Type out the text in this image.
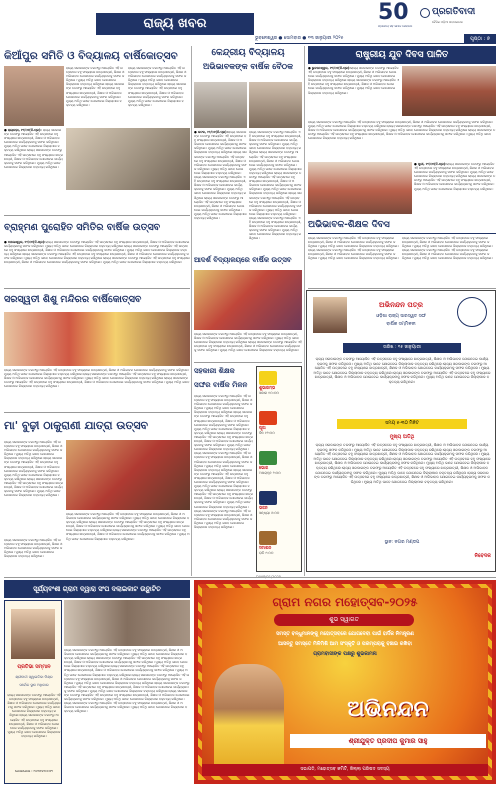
ରାଜ୍ୟ ଖବର
ଭୁବନେଶ୍ୱର ● ସୋମବାର ● ୧୩ ଜାନୁୟାରୀ ୨୦୨୫	ପୃଷ୍ଠା : ୭
50
ପ୍ରମେୟ ସହ ସମାଜ ସେବାରେ
ପ୍ରଗତିବାଦୀ
ଦୈନିକ ଓଡ଼ିଆ ଖବରକାଗଜ
କିଆଁପୁର ସମିତି ଓ ବିଦ୍ୟାଳୟ ବାର୍ଷିକୋତ୍ସବ
● ରାୟଗଡ଼ା, ୧୨/୦୧(ନି.ପ୍ର): ରାଜ୍ୟ ସରକାରଙ୍କ ତରଫରୁ ଆୟୋଜିତ ଏହି ଉତ୍ସବରେ ବହୁ ସଂଖ୍ୟାରେ ଛାତ୍ରଛାତ୍ରୀ, ଶିକ୍ଷକ ଓ ଅଭିଭାବକ ଯୋଗଦେଇ କାର୍ଯ୍ୟକ୍ରମକୁ ସଫଳ କରିଥିଲେ। ମୁଖ୍ୟ ଅତିଥି ଭାବେ ଯୋଗଦେଇ ଜିଲ୍ଲାପାଳ ବକ୍ତବ୍ୟ ରଖିଥିଲେ।ରାଜ୍ୟ ସରକାରଙ୍କ ତରଫରୁ ଆୟୋଜିତ ଏହି ଉତ୍ସବରେ ବହୁ ସଂଖ୍ୟାରେ ଛାତ୍ରଛାତ୍ରୀ, ଶିକ୍ଷକ ଓ ଅଭିଭାବକ ଯୋଗଦେଇ କାର୍ଯ୍ୟକ୍ରମକୁ ସଫଳ କରିଥିଲେ। ମୁଖ୍ୟ ଅତିଥି ଭାବେ ଯୋଗଦେଇ ଜିଲ୍ଲାପାଳ ବକ୍ତବ୍ୟ ରଖିଥିଲେ।
ରାଜ୍ୟ ସରକାରଙ୍କ ତରଫରୁ ଆୟୋଜିତ ଏହି ଉତ୍ସବରେ ବହୁ ସଂଖ୍ୟାରେ ଛାତ୍ରଛାତ୍ରୀ, ଶିକ୍ଷକ ଓ ଅଭିଭାବକ ଯୋଗଦେଇ କାର୍ଯ୍ୟକ୍ରମକୁ ସଫଳ କରିଥିଲେ। ମୁଖ୍ୟ ଅତିଥି ଭାବେ ଯୋଗଦେଇ ଜିଲ୍ଲାପାଳ ବକ୍ତବ୍ୟ ରଖିଥିଲେ।ରାଜ୍ୟ ସରକାରଙ୍କ ତରଫରୁ ଆୟୋଜିତ ଏହି ଉତ୍ସବରେ ବହୁ ସଂଖ୍ୟାରେ ଛାତ୍ରଛାତ୍ରୀ, ଶିକ୍ଷକ ଓ ଅଭିଭାବକ ଯୋଗଦେଇ କାର୍ଯ୍ୟକ୍ରମକୁ ସଫଳ କରିଥିଲେ। ମୁଖ୍ୟ ଅତିଥି ଭାବେ ଯୋଗଦେଇ ଜିଲ୍ଲାପାଳ ବକ୍ତବ୍ୟ ରଖିଥିଲେ।
ରାଜ୍ୟ ସରକାରଙ୍କ ତରଫରୁ ଆୟୋଜିତ ଏହି ଉତ୍ସବରେ ବହୁ ସଂଖ୍ୟାରେ ଛାତ୍ରଛାତ୍ରୀ, ଶିକ୍ଷକ ଓ ଅଭିଭାବକ ଯୋଗଦେଇ କାର୍ଯ୍ୟକ୍ରମକୁ ସଫଳ କରିଥିଲେ। ମୁଖ୍ୟ ଅତିଥି ଭାବେ ଯୋଗଦେଇ ଜିଲ୍ଲାପାଳ ବକ୍ତବ୍ୟ ରଖିଥିଲେ।ରାଜ୍ୟ ସରକାରଙ୍କ ତରଫରୁ ଆୟୋଜିତ ଏହି ଉତ୍ସବରେ ବହୁ ସଂଖ୍ୟାରେ ଛାତ୍ରଛାତ୍ରୀ, ଶିକ୍ଷକ ଓ ଅଭିଭାବକ ଯୋଗଦେଇ କାର୍ଯ୍ୟକ୍ରମକୁ ସଫଳ କରିଥିଲେ। ମୁଖ୍ୟ ଅତିଥି ଭାବେ ଯୋଗଦେଇ ଜିଲ୍ଲାପାଳ ବକ୍ତବ୍ୟ ରଖିଥିଲେ।
କେନ୍ଦ୍ରୀୟ ବିଦ୍ୟାଳୟ
ଅଭିଭାବକଙ୍କ ବାର୍ଷିକ ବୈଠକ
● କଟକ, ୧୨/୦୧(ନି.ପ୍ର):ରାଜ୍ୟ ସରକାରଙ୍କ ତରଫରୁ ଆୟୋଜିତ ଏହି ଉତ୍ସବରେ ବହୁ ସଂଖ୍ୟାରେ ଛାତ୍ରଛାତ୍ରୀ, ଶିକ୍ଷକ ଓ ଅଭିଭାବକ ଯୋଗଦେଇ କାର୍ଯ୍ୟକ୍ରମକୁ ସଫଳ କରିଥିଲେ। ମୁଖ୍ୟ ଅତିଥି ଭାବେ ଯୋଗଦେଇ ଜିଲ୍ଲାପାଳ ବକ୍ତବ୍ୟ ରଖିଥିଲେ।ରାଜ୍ୟ ସରକାରଙ୍କ ତରଫରୁ ଆୟୋଜିତ ଏହି ଉତ୍ସବରେ ବହୁ ସଂଖ୍ୟାରେ ଛାତ୍ରଛାତ୍ରୀ, ଶିକ୍ଷକ ଓ ଅଭିଭାବକ ଯୋଗଦେଇ କାର୍ଯ୍ୟକ୍ରମକୁ ସଫଳ କରିଥିଲେ। ମୁଖ୍ୟ ଅତିଥି ଭାବେ ଯୋଗଦେଇ ଜିଲ୍ଲାପାଳ ବକ୍ତବ୍ୟ ରଖିଥିଲେ।ରାଜ୍ୟ ସରକାରଙ୍କ ତରଫରୁ ଆୟୋଜିତ ଏହି ଉତ୍ସବରେ ବହୁ ସଂଖ୍ୟାରେ ଛାତ୍ରଛାତ୍ରୀ, ଶିକ୍ଷକ ଓ ଅଭିଭାବକ ଯୋଗଦେଇ କାର୍ଯ୍ୟକ୍ରମକୁ ସଫଳ କରିଥିଲେ। ମୁଖ୍ୟ ଅତିଥି ଭାବେ ଯୋଗଦେଇ ଜିଲ୍ଲାପାଳ ବକ୍ତବ୍ୟ ରଖିଥିଲେ।ରାଜ୍ୟ ସରକାରଙ୍କ ତରଫରୁ ଆୟୋଜିତ ଏହି ଉତ୍ସବରେ ବହୁ ସଂଖ୍ୟାରେ ଛାତ୍ରଛାତ୍ରୀ, ଶିକ୍ଷକ ଓ ଅଭିଭାବକ ଯୋଗଦେଇ କାର୍ଯ୍ୟକ୍ରମକୁ ସଫଳ କରିଥିଲେ। ମୁଖ୍ୟ ଅତିଥି ଭାବେ ଯୋଗଦେଇ ଜିଲ୍ଲାପାଳ ବକ୍ତବ୍ୟ ରଖିଥିଲେ।
ରାଜ୍ୟ ସରକାରଙ୍କ ତରଫରୁ ଆୟୋଜିତ ଏହି ଉତ୍ସବରେ ବହୁ ସଂଖ୍ୟାରେ ଛାତ୍ରଛାତ୍ରୀ, ଶିକ୍ଷକ ଓ ଅଭିଭାବକ ଯୋଗଦେଇ କାର୍ଯ୍ୟକ୍ରମକୁ ସଫଳ କରିଥିଲେ। ମୁଖ୍ୟ ଅତିଥି ଭାବେ ଯୋଗଦେଇ ଜିଲ୍ଲାପାଳ ବକ୍ତବ୍ୟ ରଖିଥିଲେ।ରାଜ୍ୟ ସରକାରଙ୍କ ତରଫରୁ ଆୟୋଜିତ ଏହି ଉତ୍ସବରେ ବହୁ ସଂଖ୍ୟାରେ ଛାତ୍ରଛାତ୍ରୀ, ଶିକ୍ଷକ ଓ ଅଭିଭାବକ ଯୋଗଦେଇ କାର୍ଯ୍ୟକ୍ରମକୁ ସଫଳ କରିଥିଲେ। ମୁଖ୍ୟ ଅତିଥି ଭାବେ ଯୋଗଦେଇ ଜିଲ୍ଲାପାଳ ବକ୍ତବ୍ୟ ରଖିଥିଲେ।ରାଜ୍ୟ ସରକାରଙ୍କ ତରଫରୁ ଆୟୋଜିତ ଏହି ଉତ୍ସବରେ ବହୁ ସଂଖ୍ୟାରେ ଛାତ୍ରଛାତ୍ରୀ, ଶିକ୍ଷକ ଓ ଅଭିଭାବକ ଯୋଗଦେଇ କାର୍ଯ୍ୟକ୍ରମକୁ ସଫଳ କରିଥିଲେ। ମୁଖ୍ୟ ଅତିଥି ଭାବେ ଯୋଗଦେଇ ଜିଲ୍ଲାପାଳ ବକ୍ତବ୍ୟ ରଖିଥିଲେ।ରାଜ୍ୟ ସରକାରଙ୍କ ତରଫରୁ ଆୟୋଜିତ ଏହି ଉତ୍ସବରେ ବହୁ ସଂଖ୍ୟାରେ ଛାତ୍ରଛାତ୍ରୀ, ଶିକ୍ଷକ ଓ ଅଭିଭାବକ ଯୋଗଦେଇ କାର୍ଯ୍ୟକ୍ରମକୁ ସଫଳ କରିଥିଲେ। ମୁଖ୍ୟ ଅତିଥି ଭାବେ ଯୋଗଦେଇ ଜିଲ୍ଲାପାଳ ବକ୍ତବ୍ୟ ରଖିଥିଲେ।ରାଜ୍ୟ ସରକାରଙ୍କ ତରଫରୁ ଆୟୋଜିତ ଏହି ଉତ୍ସବରେ ବହୁ ସଂଖ୍ୟାରେ ଛାତ୍ରଛାତ୍ରୀ, ଶିକ୍ଷକ ଓ ଅଭିଭାବକ ଯୋଗଦେଇ କାର୍ଯ୍ୟକ୍ରମକୁ ସଫଳ କରିଥିଲେ। ମୁଖ୍ୟ ଅତିଥି ଭାବେ ଯୋଗଦେଇ ଜିଲ୍ଲାପାଳ ବକ୍ତବ୍ୟ ରଖିଥିଲେ।
ରାଷ୍ଟ୍ରୀୟ ଯୁବ ଦିବସ ପାଳିତ
● ଭୁବନେଶ୍ୱର, ୧୨/୦୧(ନି.ପ୍ର):ରାଜ୍ୟ ସରକାରଙ୍କ ତରଫରୁ ଆୟୋଜିତ ଏହି ଉତ୍ସବରେ ବହୁ ସଂଖ୍ୟାରେ ଛାତ୍ରଛାତ୍ରୀ, ଶିକ୍ଷକ ଓ ଅଭିଭାବକ ଯୋଗଦେଇ କାର୍ଯ୍ୟକ୍ରମକୁ ସଫଳ କରିଥିଲେ। ମୁଖ୍ୟ ଅତିଥି ଭାବେ ଯୋଗଦେଇ ଜିଲ୍ଲାପାଳ ବକ୍ତବ୍ୟ ରଖିଥିଲେ।ରାଜ୍ୟ ସରକାରଙ୍କ ତରଫରୁ ଆୟୋଜିତ ଏହି ଉତ୍ସବରେ ବହୁ ସଂଖ୍ୟାରେ ଛାତ୍ରଛାତ୍ରୀ, ଶିକ୍ଷକ ଓ ଅଭିଭାବକ ଯୋଗଦେଇ କାର୍ଯ୍ୟକ୍ରମକୁ ସଫଳ କରିଥିଲେ। ମୁଖ୍ୟ ଅତିଥି ଭାବେ ଯୋଗଦେଇ ଜିଲ୍ଲାପାଳ ବକ୍ତବ୍ୟ ରଖିଥିଲେ।
ରାଜ୍ୟ ସରକାରଙ୍କ ତରଫରୁ ଆୟୋଜିତ ଏହି ଉତ୍ସବରେ ବହୁ ସଂଖ୍ୟାରେ ଛାତ୍ରଛାତ୍ରୀ, ଶିକ୍ଷକ ଓ ଅଭିଭାବକ ଯୋଗଦେଇ କାର୍ଯ୍ୟକ୍ରମକୁ ସଫଳ କରିଥିଲେ। ମୁଖ୍ୟ ଅତିଥି ଭାବେ ଯୋଗଦେଇ ଜିଲ୍ଲାପାଳ ବକ୍ତବ୍ୟ ରଖିଥିଲେ।ରାଜ୍ୟ ସରକାରଙ୍କ ତରଫରୁ ଆୟୋଜିତ ଏହି ଉତ୍ସବରେ ବହୁ ସଂଖ୍ୟାରେ ଛାତ୍ରଛାତ୍ରୀ, ଶିକ୍ଷକ ଓ ଅଭିଭାବକ ଯୋଗଦେଇ କାର୍ଯ୍ୟକ୍ରମକୁ ସଫଳ କରିଥିଲେ। ମୁଖ୍ୟ ଅତିଥି ଭାବେ ଯୋଗଦେଇ ଜିଲ୍ଲାପାଳ ବକ୍ତବ୍ୟ ରଖିଥିଲେ।ରାଜ୍ୟ ସରକାରଙ୍କ ତରଫରୁ ଆୟୋଜିତ ଏହି ଉତ୍ସବରେ ବହୁ ସଂଖ୍ୟାରେ ଛାତ୍ରଛାତ୍ରୀ, ଶିକ୍ଷକ ଓ ଅଭିଭାବକ ଯୋଗଦେଇ କାର୍ଯ୍ୟକ୍ରମକୁ ସଫଳ କରିଥିଲେ। ମୁଖ୍ୟ ଅତିଥି ଭାବେ ଯୋଗଦେଇ ଜିଲ୍ଲାପାଳ ବକ୍ତବ୍ୟ ରଖିଥିଲେ।
● ପୁରୀ, ୧୨/୦୧(ନି.ପ୍ର):ରାଜ୍ୟ ସରକାରଙ୍କ ତରଫରୁ ଆୟୋଜିତ ଏହି ଉତ୍ସବରେ ବହୁ ସଂଖ୍ୟାରେ ଛାତ୍ରଛାତ୍ରୀ, ଶିକ୍ଷକ ଓ ଅଭିଭାବକ ଯୋଗଦେଇ କାର୍ଯ୍ୟକ୍ରମକୁ ସଫଳ କରିଥିଲେ। ମୁଖ୍ୟ ଅତିଥି ଭାବେ ଯୋଗଦେଇ ଜିଲ୍ଲାପାଳ ବକ୍ତବ୍ୟ ରଖିଥିଲେ।ରାଜ୍ୟ ସରକାରଙ୍କ ତରଫରୁ ଆୟୋଜିତ ଏହି ଉତ୍ସବରେ ବହୁ ସଂଖ୍ୟାରେ ଛାତ୍ରଛାତ୍ରୀ, ଶିକ୍ଷକ ଓ ଅଭିଭାବକ ଯୋଗଦେଇ କାର୍ଯ୍ୟକ୍ରମକୁ ସଫଳ କରିଥିଲେ। ମୁଖ୍ୟ ଅତିଥି ଭାବେ ଯୋଗଦେଇ ଜିଲ୍ଲାପାଳ ବକ୍ତବ୍ୟ ରଖିଥିଲେ।
ବ୍ରାହ୍ମଣ ପୁରୋହିତ ସମିତିର ବାର୍ଷିକ ଉତ୍ସବ
● ବାଲେଶ୍ୱର, ୧୨/୦୧(ନି.ପ୍ର):ରାଜ୍ୟ ସରକାରଙ୍କ ତରଫରୁ ଆୟୋଜିତ ଏହି ଉତ୍ସବରେ ବହୁ ସଂଖ୍ୟାରେ ଛାତ୍ରଛାତ୍ରୀ, ଶିକ୍ଷକ ଓ ଅଭିଭାବକ ଯୋଗଦେଇ କାର୍ଯ୍ୟକ୍ରମକୁ ସଫଳ କରିଥିଲେ। ମୁଖ୍ୟ ଅତିଥି ଭାବେ ଯୋଗଦେଇ ଜିଲ୍ଲାପାଳ ବକ୍ତବ୍ୟ ରଖିଥିଲେ।ରାଜ୍ୟ ସରକାରଙ୍କ ତରଫରୁ ଆୟୋଜିତ ଏହି ଉତ୍ସବରେ ବହୁ ସଂଖ୍ୟାରେ ଛାତ୍ରଛାତ୍ରୀ, ଶିକ୍ଷକ ଓ ଅଭିଭାବକ ଯୋଗଦେଇ କାର୍ଯ୍ୟକ୍ରମକୁ ସଫଳ କରିଥିଲେ। ମୁଖ୍ୟ ଅତିଥି ଭାବେ ଯୋଗଦେଇ ଜିଲ୍ଲାପାଳ ବକ୍ତବ୍ୟ ରଖିଥିଲେ।ରାଜ୍ୟ ସରକାରଙ୍କ ତରଫରୁ ଆୟୋଜିତ ଏହି ଉତ୍ସବରେ ବହୁ ସଂଖ୍ୟାରେ ଛାତ୍ରଛାତ୍ରୀ, ଶିକ୍ଷକ ଓ ଅଭିଭାବକ ଯୋଗଦେଇ କାର୍ଯ୍ୟକ୍ରମକୁ ସଫଳ କରିଥିଲେ। ମୁଖ୍ୟ ଅତିଥି ଭାବେ ଯୋଗଦେଇ ଜିଲ୍ଲାପାଳ ବକ୍ତବ୍ୟ ରଖିଥିଲେ।ରାଜ୍ୟ ସରକାରଙ୍କ ତରଫରୁ ଆୟୋଜିତ ଏହି ଉତ୍ସବରେ ବହୁ ସଂଖ୍ୟାରେ ଛାତ୍ରଛାତ୍ରୀ, ଶିକ୍ଷକ ଓ ଅଭିଭାବକ ଯୋଗଦେଇ କାର୍ଯ୍ୟକ୍ରମକୁ ସଫଳ କରିଥିଲେ। ମୁଖ୍ୟ ଅତିଥି ଭାବେ ଯୋଗଦେଇ ଜିଲ୍ଲାପାଳ ବକ୍ତବ୍ୟ ରଖିଥିଲେ।
ଅଭିଭାବକ-ଶିକ୍ଷକ ଦିବସ
ରାଜ୍ୟ ସରକାରଙ୍କ ତରଫରୁ ଆୟୋଜିତ ଏହି ଉତ୍ସବରେ ବହୁ ସଂଖ୍ୟାରେ ଛାତ୍ରଛାତ୍ରୀ, ଶିକ୍ଷକ ଓ ଅଭିଭାବକ ଯୋଗଦେଇ କାର୍ଯ୍ୟକ୍ରମକୁ ସଫଳ କରିଥିଲେ। ମୁଖ୍ୟ ଅତିଥି ଭାବେ ଯୋଗଦେଇ ଜିଲ୍ଲାପାଳ ବକ୍ତବ୍ୟ ରଖିଥିଲେ।ରାଜ୍ୟ ସରକାରଙ୍କ ତରଫରୁ ଆୟୋଜିତ ଏହି ଉତ୍ସବରେ ବହୁ ସଂଖ୍ୟାରେ ଛାତ୍ରଛାତ୍ରୀ, ଶିକ୍ଷକ ଓ ଅଭିଭାବକ ଯୋଗଦେଇ କାର୍ଯ୍ୟକ୍ରମକୁ ସଫଳ କରିଥିଲେ। ମୁଖ୍ୟ ଅତିଥି ଭାବେ ଯୋଗଦେଇ ଜିଲ୍ଲାପାଳ ବକ୍ତବ୍ୟ ରଖିଥିଲେ।
ରାଜ୍ୟ ସରକାରଙ୍କ ତରଫରୁ ଆୟୋଜିତ ଏହି ଉତ୍ସବରେ ବହୁ ସଂଖ୍ୟାରେ ଛାତ୍ରଛାତ୍ରୀ, ଶିକ୍ଷକ ଓ ଅଭିଭାବକ ଯୋଗଦେଇ କାର୍ଯ୍ୟକ୍ରମକୁ ସଫଳ କରିଥିଲେ। ମୁଖ୍ୟ ଅତିଥି ଭାବେ ଯୋଗଦେଇ ଜିଲ୍ଲାପାଳ ବକ୍ତବ୍ୟ ରଖିଥିଲେ।ରାଜ୍ୟ ସରକାରଙ୍କ ତରଫରୁ ଆୟୋଜିତ ଏହି ଉତ୍ସବରେ ବହୁ ସଂଖ୍ୟାରେ ଛାତ୍ରଛାତ୍ରୀ, ଶିକ୍ଷକ ଓ ଅଭିଭାବକ ଯୋଗଦେଇ କାର୍ଯ୍ୟକ୍ରମକୁ ସଫଳ କରିଥିଲେ। ମୁଖ୍ୟ ଅତିଥି ଭାବେ ଯୋଗଦେଇ ଜିଲ୍ଲାପାଳ ବକ୍ତବ୍ୟ ରଖିଥିଲେ।
ଆଦର୍ଶ ବିଦ୍ୟାଳୟରେ ବାର୍ଷିକ ଉତ୍ସବ
ରାଜ୍ୟ ସରକାରଙ୍କ ତରଫରୁ ଆୟୋଜିତ ଏହି ଉତ୍ସବରେ ବହୁ ସଂଖ୍ୟାରେ ଛାତ୍ରଛାତ୍ରୀ, ଶିକ୍ଷକ ଓ ଅଭିଭାବକ ଯୋଗଦେଇ କାର୍ଯ୍ୟକ୍ରମକୁ ସଫଳ କରିଥିଲେ। ମୁଖ୍ୟ ଅତିଥି ଭାବେ ଯୋଗଦେଇ ଜିଲ୍ଲାପାଳ ବକ୍ତବ୍ୟ ରଖିଥିଲେ।ରାଜ୍ୟ ସରକାରଙ୍କ ତରଫରୁ ଆୟୋଜିତ ଏହି ଉତ୍ସବରେ ବହୁ ସଂଖ୍ୟାରେ ଛାତ୍ରଛାତ୍ରୀ, ଶିକ୍ଷକ ଓ ଅଭିଭାବକ ଯୋଗଦେଇ କାର୍ଯ୍ୟକ୍ରମକୁ ସଫଳ କରିଥିଲେ। ମୁଖ୍ୟ ଅତିଥି ଭାବେ ଯୋଗଦେଇ ଜିଲ୍ଲାପାଳ ବକ୍ତବ୍ୟ ରଖିଥିଲେ।
ସରସ୍ୱତୀ ଶିଶୁ ମନ୍ଦିରର ବାର୍ଷିକୋତ୍ସବ
ରାଜ୍ୟ ସରକାରଙ୍କ ତରଫରୁ ଆୟୋଜିତ ଏହି ଉତ୍ସବରେ ବହୁ ସଂଖ୍ୟାରେ ଛାତ୍ରଛାତ୍ରୀ, ଶିକ୍ଷକ ଓ ଅଭିଭାବକ ଯୋଗଦେଇ କାର୍ଯ୍ୟକ୍ରମକୁ ସଫଳ କରିଥିଲେ। ମୁଖ୍ୟ ଅତିଥି ଭାବେ ଯୋଗଦେଇ ଜିଲ୍ଲାପାଳ ବକ୍ତବ୍ୟ ରଖିଥିଲେ।ରାଜ୍ୟ ସରକାରଙ୍କ ତରଫରୁ ଆୟୋଜିତ ଏହି ଉତ୍ସବରେ ବହୁ ସଂଖ୍ୟାରେ ଛାତ୍ରଛାତ୍ରୀ, ଶିକ୍ଷକ ଓ ଅଭିଭାବକ ଯୋଗଦେଇ କାର୍ଯ୍ୟକ୍ରମକୁ ସଫଳ କରିଥିଲେ। ମୁଖ୍ୟ ଅତିଥି ଭାବେ ଯୋଗଦେଇ ଜିଲ୍ଲାପାଳ ବକ୍ତବ୍ୟ ରଖିଥିଲେ।ରାଜ୍ୟ ସରକାରଙ୍କ ତରଫରୁ ଆୟୋଜିତ ଏହି ଉତ୍ସବରେ ବହୁ ସଂଖ୍ୟାରେ ଛାତ୍ରଛାତ୍ରୀ, ଶିକ୍ଷକ ଓ ଅଭିଭାବକ ଯୋଗଦେଇ କାର୍ଯ୍ୟକ୍ରମକୁ ସଫଳ କରିଥିଲେ। ମୁଖ୍ୟ ଅତିଥି ଭାବେ ଯୋଗଦେଇ ଜିଲ୍ଲାପାଳ ବକ୍ତବ୍ୟ ରଖିଥିଲେ।
ମା' ବୁଢ଼ୀ ଠାକୁରାଣୀ ଯାତ୍ରା ଉତ୍ସବ
ରାଜ୍ୟ ସରକାରଙ୍କ ତରଫରୁ ଆୟୋଜିତ ଏହି ଉତ୍ସବରେ ବହୁ ସଂଖ୍ୟାରେ ଛାତ୍ରଛାତ୍ରୀ, ଶିକ୍ଷକ ଓ ଅଭିଭାବକ ଯୋଗଦେଇ କାର୍ଯ୍ୟକ୍ରମକୁ ସଫଳ କରିଥିଲେ। ମୁଖ୍ୟ ଅତିଥି ଭାବେ ଯୋଗଦେଇ ଜିଲ୍ଲାପାଳ ବକ୍ତବ୍ୟ ରଖିଥିଲେ।ରାଜ୍ୟ ସରକାରଙ୍କ ତରଫରୁ ଆୟୋଜିତ ଏହି ଉତ୍ସବରେ ବହୁ ସଂଖ୍ୟାରେ ଛାତ୍ରଛାତ୍ରୀ, ଶିକ୍ଷକ ଓ ଅଭିଭାବକ ଯୋଗଦେଇ କାର୍ଯ୍ୟକ୍ରମକୁ ସଫଳ କରିଥିଲେ। ମୁଖ୍ୟ ଅତିଥି ଭାବେ ଯୋଗଦେଇ ଜିଲ୍ଲାପାଳ ବକ୍ତବ୍ୟ ରଖିଥିଲେ।ରାଜ୍ୟ ସରକାରଙ୍କ ତରଫରୁ ଆୟୋଜିତ ଏହି ଉତ୍ସବରେ ବହୁ ସଂଖ୍ୟାରେ ଛାତ୍ରଛାତ୍ରୀ, ଶିକ୍ଷକ ଓ ଅଭିଭାବକ ଯୋଗଦେଇ କାର୍ଯ୍ୟକ୍ରମକୁ ସଫଳ କରିଥିଲେ। ମୁଖ୍ୟ ଅତିଥି ଭାବେ ଯୋଗଦେଇ ଜିଲ୍ଲାପାଳ ବକ୍ତବ୍ୟ ରଖିଥିଲେ।
ରାଜ୍ୟ ସରକାରଙ୍କ ତରଫରୁ ଆୟୋଜିତ ଏହି ଉତ୍ସବରେ ବହୁ ସଂଖ୍ୟାରେ ଛାତ୍ରଛାତ୍ରୀ, ଶିକ୍ଷକ ଓ ଅଭିଭାବକ ଯୋଗଦେଇ କାର୍ଯ୍ୟକ୍ରମକୁ ସଫଳ କରିଥିଲେ। ମୁଖ୍ୟ ଅତିଥି ଭାବେ ଯୋଗଦେଇ ଜିଲ୍ଲାପାଳ ବକ୍ତବ୍ୟ ରଖିଥିଲେ।ରାଜ୍ୟ ସରକାରଙ୍କ ତରଫରୁ ଆୟୋଜିତ ଏହି ଉତ୍ସବରେ ବହୁ ସଂଖ୍ୟାରେ ଛାତ୍ରଛାତ୍ରୀ, ଶିକ୍ଷକ ଓ ଅଭିଭାବକ ଯୋଗଦେଇ କାର୍ଯ୍ୟକ୍ରମକୁ ସଫଳ କରିଥିଲେ। ମୁଖ୍ୟ ଅତିଥି ଭାବେ ଯୋଗଦେଇ ଜିଲ୍ଲାପାଳ ବକ୍ତବ୍ୟ ରଖିଥିଲେ।ରାଜ୍ୟ ସରକାରଙ୍କ ତରଫରୁ ଆୟୋଜିତ ଏହି ଉତ୍ସବରେ ବହୁ ସଂଖ୍ୟାରେ ଛାତ୍ରଛାତ୍ରୀ, ଶିକ୍ଷକ ଓ ଅଭିଭାବକ ଯୋଗଦେଇ କାର୍ଯ୍ୟକ୍ରମକୁ ସଫଳ କରିଥିଲେ। ମୁଖ୍ୟ ଅତିଥି ଭାବେ ଯୋଗଦେଇ ଜିଲ୍ଲାପାଳ ବକ୍ତବ୍ୟ ରଖିଥିଲେ।
ରାଜ୍ୟ ସରକାରଙ୍କ ତରଫରୁ ଆୟୋଜିତ ଏହି ଉତ୍ସବରେ ବହୁ ସଂଖ୍ୟାରେ ଛାତ୍ରଛାତ୍ରୀ, ଶିକ୍ଷକ ଓ ଅଭିଭାବକ ଯୋଗଦେଇ କାର୍ଯ୍ୟକ୍ରମକୁ ସଫଳ କରିଥିଲେ। ମୁଖ୍ୟ ଅତିଥି ଭାବେ ଯୋଗଦେଇ ଜିଲ୍ଲାପାଳ ବକ୍ତବ୍ୟ ରଖିଥିଲେ।
ସହକାରୀ ଶିକ୍ଷକ
ସଙ୍ଘର ବାର୍ଷିକ ମିଳନ
ରାଜ୍ୟ ସରକାରଙ୍କ ତରଫରୁ ଆୟୋଜିତ ଏହି ଉତ୍ସବରେ ବହୁ ସଂଖ୍ୟାରେ ଛାତ୍ରଛାତ୍ରୀ, ଶିକ୍ଷକ ଓ ଅଭିଭାବକ ଯୋଗଦେଇ କାର୍ଯ୍ୟକ୍ରମକୁ ସଫଳ କରିଥିଲେ। ମୁଖ୍ୟ ଅତିଥି ଭାବେ ଯୋଗଦେଇ ଜିଲ୍ଲାପାଳ ବକ୍ତବ୍ୟ ରଖିଥିଲେ।ରାଜ୍ୟ ସରକାରଙ୍କ ତରଫରୁ ଆୟୋଜିତ ଏହି ଉତ୍ସବରେ ବହୁ ସଂଖ୍ୟାରେ ଛାତ୍ରଛାତ୍ରୀ, ଶିକ୍ଷକ ଓ ଅଭିଭାବକ ଯୋଗଦେଇ କାର୍ଯ୍ୟକ୍ରମକୁ ସଫଳ କରିଥିଲେ। ମୁଖ୍ୟ ଅତିଥି ଭାବେ ଯୋଗଦେଇ ଜିଲ୍ଲାପାଳ ବକ୍ତବ୍ୟ ରଖିଥିଲେ।ରାଜ୍ୟ ସରକାରଙ୍କ ତରଫରୁ ଆୟୋଜିତ ଏହି ଉତ୍ସବରେ ବହୁ ସଂଖ୍ୟାରେ ଛାତ୍ରଛାତ୍ରୀ, ଶିକ୍ଷକ ଓ ଅଭିଭାବକ ଯୋଗଦେଇ କାର୍ଯ୍ୟକ୍ରମକୁ ସଫଳ କରିଥିଲେ। ମୁଖ୍ୟ ଅତିଥି ଭାବେ ଯୋଗଦେଇ ଜିଲ୍ଲାପାଳ ବକ୍ତବ୍ୟ ରଖିଥିଲେ।ରାଜ୍ୟ ସରକାରଙ୍କ ତରଫରୁ ଆୟୋଜିତ ଏହି ଉତ୍ସବରେ ବହୁ ସଂଖ୍ୟାରେ ଛାତ୍ରଛାତ୍ରୀ, ଶିକ୍ଷକ ଓ ଅଭିଭାବକ ଯୋଗଦେଇ କାର୍ଯ୍ୟକ୍ରମକୁ ସଫଳ କରିଥିଲେ। ମୁଖ୍ୟ ଅତିଥି ଭାବେ ଯୋଗଦେଇ ଜିଲ୍ଲାପାଳ ବକ୍ତବ୍ୟ ରଖିଥିଲେ।ରାଜ୍ୟ ସରକାରଙ୍କ ତରଫରୁ ଆୟୋଜିତ ଏହି ଉତ୍ସବରେ ବହୁ ସଂଖ୍ୟାରେ ଛାତ୍ରଛାତ୍ରୀ, ଶିକ୍ଷକ ଓ ଅଭିଭାବକ ଯୋଗଦେଇ କାର୍ଯ୍ୟକ୍ରମକୁ ସଫଳ କରିଥିଲେ। ମୁଖ୍ୟ ଅତିଥି ଭାବେ ଯୋଗଦେଇ ଜିଲ୍ଲାପାଳ ବକ୍ତବ୍ୟ ରଖିଥିଲେ।ରାଜ୍ୟ ସରକାରଙ୍କ ତରଫରୁ ଆୟୋଜିତ ଏହି ଉତ୍ସବରେ ବହୁ ସଂଖ୍ୟାରେ ଛାତ୍ରଛାତ୍ରୀ, ଶିକ୍ଷକ ଓ ଅଭିଭାବକ ଯୋଗଦେଇ କାର୍ଯ୍ୟକ୍ରମକୁ ସଫଳ କରିଥିଲେ। ମୁଖ୍ୟ ଅତିଥି ଭାବେ ଯୋଗଦେଇ ଜିଲ୍ଲାପାଳ ବକ୍ତବ୍ୟ ରଖିଥିଲେ।ରାଜ୍ୟ ସରକାରଙ୍କ ତରଫରୁ ଆୟୋଜିତ ଏହି ଉତ୍ସବରେ ବହୁ ସଂଖ୍ୟାରେ ଛାତ୍ରଛାତ୍ରୀ, ଶିକ୍ଷକ ଓ ଅଭିଭାବକ ଯୋଗଦେଇ କାର୍ଯ୍ୟକ୍ରମକୁ ସଫଳ କରିଥିଲେ। ମୁଖ୍ୟ ଅତିଥି ଭାବେ ଯୋଗଦେଇ ଜିଲ୍ଲାପାଳ ବକ୍ତବ୍ୟ ରଖିଥିଲେ।
ଶୁଭାରମ୍ଭ
ସକାଳ ୧୦:୦୦
ପୂଜା
ଦିନ ୧୨:୦୦
ଭୋଗ
ଅପରାହ୍ନ ୨:୦୦
ଭଜନ
ସନ୍ଧ୍ୟା ୬:୦୦
ସମାପନ
ରାତି ୯:୦୦
ଅଭିନନ୍ଦନ ପତ୍ର
ଓଡ଼ିଶା ରାଜ୍ୟ ସାରସ୍ୱତ ସଙ୍ଘ
ବାର୍ଷିକ ସମ୍ମିଳନୀ
ତାରିଖ : ୧୫ ଜାନୁୟାରୀ
ରାଜ୍ୟ ସରକାରଙ୍କ ତରଫରୁ ଆୟୋଜିତ ଏହି ଉତ୍ସବରେ ବହୁ ସଂଖ୍ୟାରେ ଛାତ୍ରଛାତ୍ରୀ, ଶିକ୍ଷକ ଓ ଅଭିଭାବକ ଯୋଗଦେଇ କାର୍ଯ୍ୟକ୍ରମକୁ ସଫଳ କରିଥିଲେ। ମୁଖ୍ୟ ଅତିଥି ଭାବେ ଯୋଗଦେଇ ଜିଲ୍ଲାପାଳ ବକ୍ତବ୍ୟ ରଖିଥିଲେ।ରାଜ୍ୟ ସରକାରଙ୍କ ତରଫରୁ ଆୟୋଜିତ ଏହି ଉତ୍ସବରେ ବହୁ ସଂଖ୍ୟାରେ ଛାତ୍ରଛାତ୍ରୀ, ଶିକ୍ଷକ ଓ ଅଭିଭାବକ ଯୋଗଦେଇ କାର୍ଯ୍ୟକ୍ରମକୁ ସଫଳ କରିଥିଲେ। ମୁଖ୍ୟ ଅତିଥି ଭାବେ ଯୋଗଦେଇ ଜିଲ୍ଲାପାଳ ବକ୍ତବ୍ୟ ରଖିଥିଲେ।ରାଜ୍ୟ ସରକାରଙ୍କ ତରଫରୁ ଆୟୋଜିତ ଏହି ଉତ୍ସବରେ ବହୁ ସଂଖ୍ୟାରେ ଛାତ୍ରଛାତ୍ରୀ, ଶିକ୍ଷକ ଓ ଅଭିଭାବକ ଯୋଗଦେଇ କାର୍ଯ୍ୟକ୍ରମକୁ ସଫଳ କରିଥିଲେ। ମୁଖ୍ୟ ଅତିଥି ଭାବେ ଯୋଗଦେଇ ଜିଲ୍ଲାପାଳ ବକ୍ତବ୍ୟ ରଖିଥିଲେ।
ସମୟ ୫-୩୦ ମିନିଟ
ମୁଖ୍ୟ ଅତିଥି
ରାଜ୍ୟ ସରକାରଙ୍କ ତରଫରୁ ଆୟୋଜିତ ଏହି ଉତ୍ସବରେ ବହୁ ସଂଖ୍ୟାରେ ଛାତ୍ରଛାତ୍ରୀ, ଶିକ୍ଷକ ଓ ଅଭିଭାବକ ଯୋଗଦେଇ କାର୍ଯ୍ୟକ୍ରମକୁ ସଫଳ କରିଥିଲେ। ମୁଖ୍ୟ ଅତିଥି ଭାବେ ଯୋଗଦେଇ ଜିଲ୍ଲାପାଳ ବକ୍ତବ୍ୟ ରଖିଥିଲେ।ରାଜ୍ୟ ସରକାରଙ୍କ ତରଫରୁ ଆୟୋଜିତ ଏହି ଉତ୍ସବରେ ବହୁ ସଂଖ୍ୟାରେ ଛାତ୍ରଛାତ୍ରୀ, ଶିକ୍ଷକ ଓ ଅଭିଭାବକ ଯୋଗଦେଇ କାର୍ଯ୍ୟକ୍ରମକୁ ସଫଳ କରିଥିଲେ। ମୁଖ୍ୟ ଅତିଥି ଭାବେ ଯୋଗଦେଇ ଜିଲ୍ଲାପାଳ ବକ୍ତବ୍ୟ ରଖିଥିଲେ।ରାଜ୍ୟ ସରକାରଙ୍କ ତରଫରୁ ଆୟୋଜିତ ଏହି ଉତ୍ସବରେ ବହୁ ସଂଖ୍ୟାରେ ଛାତ୍ରଛାତ୍ରୀ, ଶିକ୍ଷକ ଓ ଅଭିଭାବକ ଯୋଗଦେଇ କାର୍ଯ୍ୟକ୍ରମକୁ ସଫଳ କରିଥିଲେ। ମୁଖ୍ୟ ଅତିଥି ଭାବେ ଯୋଗଦେଇ ଜିଲ୍ଲାପାଳ ବକ୍ତବ୍ୟ ରଖିଥିଲେ।ରାଜ୍ୟ ସରକାରଙ୍କ ତରଫରୁ ଆୟୋଜିତ ଏହି ଉତ୍ସବରେ ବହୁ ସଂଖ୍ୟାରେ ଛାତ୍ରଛାତ୍ରୀ, ଶିକ୍ଷକ ଓ ଅଭିଭାବକ ଯୋଗଦେଇ କାର୍ଯ୍ୟକ୍ରମକୁ ସଫଳ କରିଥିଲେ। ମୁଖ୍ୟ ଅତିଥି ଭାବେ ଯୋଗଦେଇ ଜିଲ୍ଲାପାଳ ବକ୍ତବ୍ୟ ରଖିଥିଲେ।ରାଜ୍ୟ ସରକାରଙ୍କ ତରଫରୁ ଆୟୋଜିତ ଏହି ଉତ୍ସବରେ ବହୁ ସଂଖ୍ୟାରେ ଛାତ୍ରଛାତ୍ରୀ, ଶିକ୍ଷକ ଓ ଅଭିଭାବକ ଯୋଗଦେଇ କାର୍ଯ୍ୟକ୍ରମକୁ ସଫଳ କରିଥିଲେ। ମୁଖ୍ୟ ଅତିଥି ଭାବେ ଯୋଗଦେଇ ଜିଲ୍ଲାପାଳ ବକ୍ତବ୍ୟ ରଖିଥିଲେ।
ସ୍ଥାନ: ନଗର ମଣ୍ଡପ
ନିବେଦକ
DAVP/01/2025
ସୂର୍ଯ୍ୟବଂଶୀ ଗ୍ରାମ ଦ୍ୱାରା ସଂଘ ଦଲାଇକାଟ ଉଦ୍ଘାଟିତ
ରାଜ୍ୟ ସରକାରଙ୍କ ତରଫରୁ ଆୟୋଜିତ ଏହି ଉତ୍ସବରେ ବହୁ ସଂଖ୍ୟାରେ ଛାତ୍ରଛାତ୍ରୀ, ଶିକ୍ଷକ ଓ ଅଭିଭାବକ ଯୋଗଦେଇ କାର୍ଯ୍ୟକ୍ରମକୁ ସଫଳ କରିଥିଲେ। ମୁଖ୍ୟ ଅତିଥି ଭାବେ ଯୋଗଦେଇ ଜିଲ୍ଲାପାଳ ବକ୍ତବ୍ୟ ରଖିଥିଲେ।ରାଜ୍ୟ ସରକାରଙ୍କ ତରଫରୁ ଆୟୋଜିତ ଏହି ଉତ୍ସବରେ ବହୁ ସଂଖ୍ୟାରେ ଛାତ୍ରଛାତ୍ରୀ, ଶିକ୍ଷକ ଓ ଅଭିଭାବକ ଯୋଗଦେଇ କାର୍ଯ୍ୟକ୍ରମକୁ ସଫଳ କରିଥିଲେ। ମୁଖ୍ୟ ଅତିଥି ଭାବେ ଯୋଗଦେଇ ଜିଲ୍ଲାପାଳ ବକ୍ତବ୍ୟ ରଖିଥିଲେ।ରାଜ୍ୟ ସରକାରଙ୍କ ତରଫରୁ ଆୟୋଜିତ ଏହି ଉତ୍ସବରେ ବହୁ ସଂଖ୍ୟାରେ ଛାତ୍ରଛାତ୍ରୀ, ଶିକ୍ଷକ ଓ ଅଭିଭାବକ ଯୋଗଦେଇ କାର୍ଯ୍ୟକ୍ରମକୁ ସଫଳ କରିଥିଲେ। ମୁଖ୍ୟ ଅତିଥି ଭାବେ ଯୋଗଦେଇ ଜିଲ୍ଲାପାଳ ବକ୍ତବ୍ୟ ରଖିଥିଲେ।ରାଜ୍ୟ ସରକାରଙ୍କ ତରଫରୁ ଆୟୋଜିତ ଏହି ଉତ୍ସବରେ ବହୁ ସଂଖ୍ୟାରେ ଛାତ୍ରଛାତ୍ରୀ, ଶିକ୍ଷକ ଓ ଅଭିଭାବକ ଯୋଗଦେଇ କାର୍ଯ୍ୟକ୍ରମକୁ ସଫଳ କରିଥିଲେ। ମୁଖ୍ୟ ଅତିଥି ଭାବେ ଯୋଗଦେଇ ଜିଲ୍ଲାପାଳ ବକ୍ତବ୍ୟ ରଖିଥିଲେ।ରାଜ୍ୟ ସରକାରଙ୍କ ତରଫରୁ ଆୟୋଜିତ ଏହି ଉତ୍ସବରେ ବହୁ ସଂଖ୍ୟାରେ ଛାତ୍ରଛାତ୍ରୀ, ଶିକ୍ଷକ ଓ ଅଭିଭାବକ ଯୋଗଦେଇ କାର୍ଯ୍ୟକ୍ରମକୁ ସଫଳ କରିଥିଲେ। ମୁଖ୍ୟ ଅତିଥି ଭାବେ ଯୋଗଦେଇ ଜିଲ୍ଲାପାଳ ବକ୍ତବ୍ୟ ରଖିଥିଲେ।ରାଜ୍ୟ ସରକାରଙ୍କ ତରଫରୁ ଆୟୋଜିତ ଏହି ଉତ୍ସବରେ ବହୁ ସଂଖ୍ୟାରେ ଛାତ୍ରଛାତ୍ରୀ, ଶିକ୍ଷକ ଓ ଅଭିଭାବକ ଯୋଗଦେଇ କାର୍ଯ୍ୟକ୍ରମକୁ ସଫଳ କରିଥିଲେ। ମୁଖ୍ୟ ଅତିଥି ଭାବେ ଯୋଗଦେଇ ଜିଲ୍ଲାପାଳ ବକ୍ତବ୍ୟ ରଖିଥିଲେ।ରାଜ୍ୟ ସରକାରଙ୍କ ତରଫରୁ ଆୟୋଜିତ ଏହି ଉତ୍ସବରେ ବହୁ ସଂଖ୍ୟାରେ ଛାତ୍ରଛାତ୍ରୀ, ଶିକ୍ଷକ ଓ ଅଭିଭାବକ ଯୋଗଦେଇ କାର୍ଯ୍ୟକ୍ରମକୁ ସଫଳ କରିଥିଲେ। ମୁଖ୍ୟ ଅତିଥି ଭାବେ ଯୋଗଦେଇ ଜିଲ୍ଲାପାଳ ବକ୍ତବ୍ୟ ରଖିଥିଲେ।
ପ୍ରତିଭା ସମ୍ମାନ
ଶ୍ରୀମତୀ ସ୍ୱାଗତିକା ମିଶ୍ର
ସର୍ବୋଚ୍ଚ ସ୍ଥାନ ଅଧିକାର
ରାଜ୍ୟ ସରକାରଙ୍କ ତରଫରୁ ଆୟୋଜିତ ଏହି ଉତ୍ସବରେ ବହୁ ସଂଖ୍ୟାରେ ଛାତ୍ରଛାତ୍ରୀ, ଶିକ୍ଷକ ଓ ଅଭିଭାବକ ଯୋଗଦେଇ କାର୍ଯ୍ୟକ୍ରମକୁ ସଫଳ କରିଥିଲେ। ମୁଖ୍ୟ ଅତିଥି ଭାବେ ଯୋଗଦେଇ ଜିଲ୍ଲାପାଳ ବକ୍ତବ୍ୟ ରଖିଥିଲେ।ରାଜ୍ୟ ସରକାରଙ୍କ ତରଫରୁ ଆୟୋଜିତ ଏହି ଉତ୍ସବରେ ବହୁ ସଂଖ୍ୟାରେ ଛାତ୍ରଛାତ୍ରୀ, ଶିକ୍ଷକ ଓ ଅଭିଭାବକ ଯୋଗଦେଇ କାର୍ଯ୍ୟକ୍ରମକୁ ସଫଳ କରିଥିଲେ। ମୁଖ୍ୟ ଅତିଥି ଭାବେ ଯୋଗଦେଇ ଜିଲ୍ଲାପାଳ ବକ୍ତବ୍ୟ ରଖିଥିଲେ।
ଯୋଗାଯୋଗ : ୯୪୩୭୪୨୦୦୧୨
ଗ୍ରାମ ନଗର ମହୋତ୍ସବ-୨୦୨୫
ଶୁଭ ସ୍ୱାଗତ
ସମସ୍ତ ବନ୍ଧୁମାନଙ୍କୁ ମହୋତ୍ସବରେ ଯୋଗଦେବା ପାଇଁ ହାର୍ଦ୍ଦିକ ନିମନ୍ତ୍ରଣ
ଆସନ୍ତୁ ସମସ୍ତେ ମିଳିମିଶି ଆମ ସଂସ୍କୃତି ଓ ପରମ୍ପରାକୁ ବଞ୍ଚାଇ ରଖିବା
ଗ୍ରାମବାସୀଙ୍କ ପକ୍ଷରୁ ଶୁଭକାମନା
ଅଭିନନ୍ଦନ
ଶ୍ରୀଯୁକ୍ତ ପ୍ରଦୀପ କୁମାର ସାହୁ
ସଭାପତି, ମହୋତ୍ସବ କମିଟି, ଜିଲ୍ଲା ପରିଷଦ ସଦସ୍ୟ
